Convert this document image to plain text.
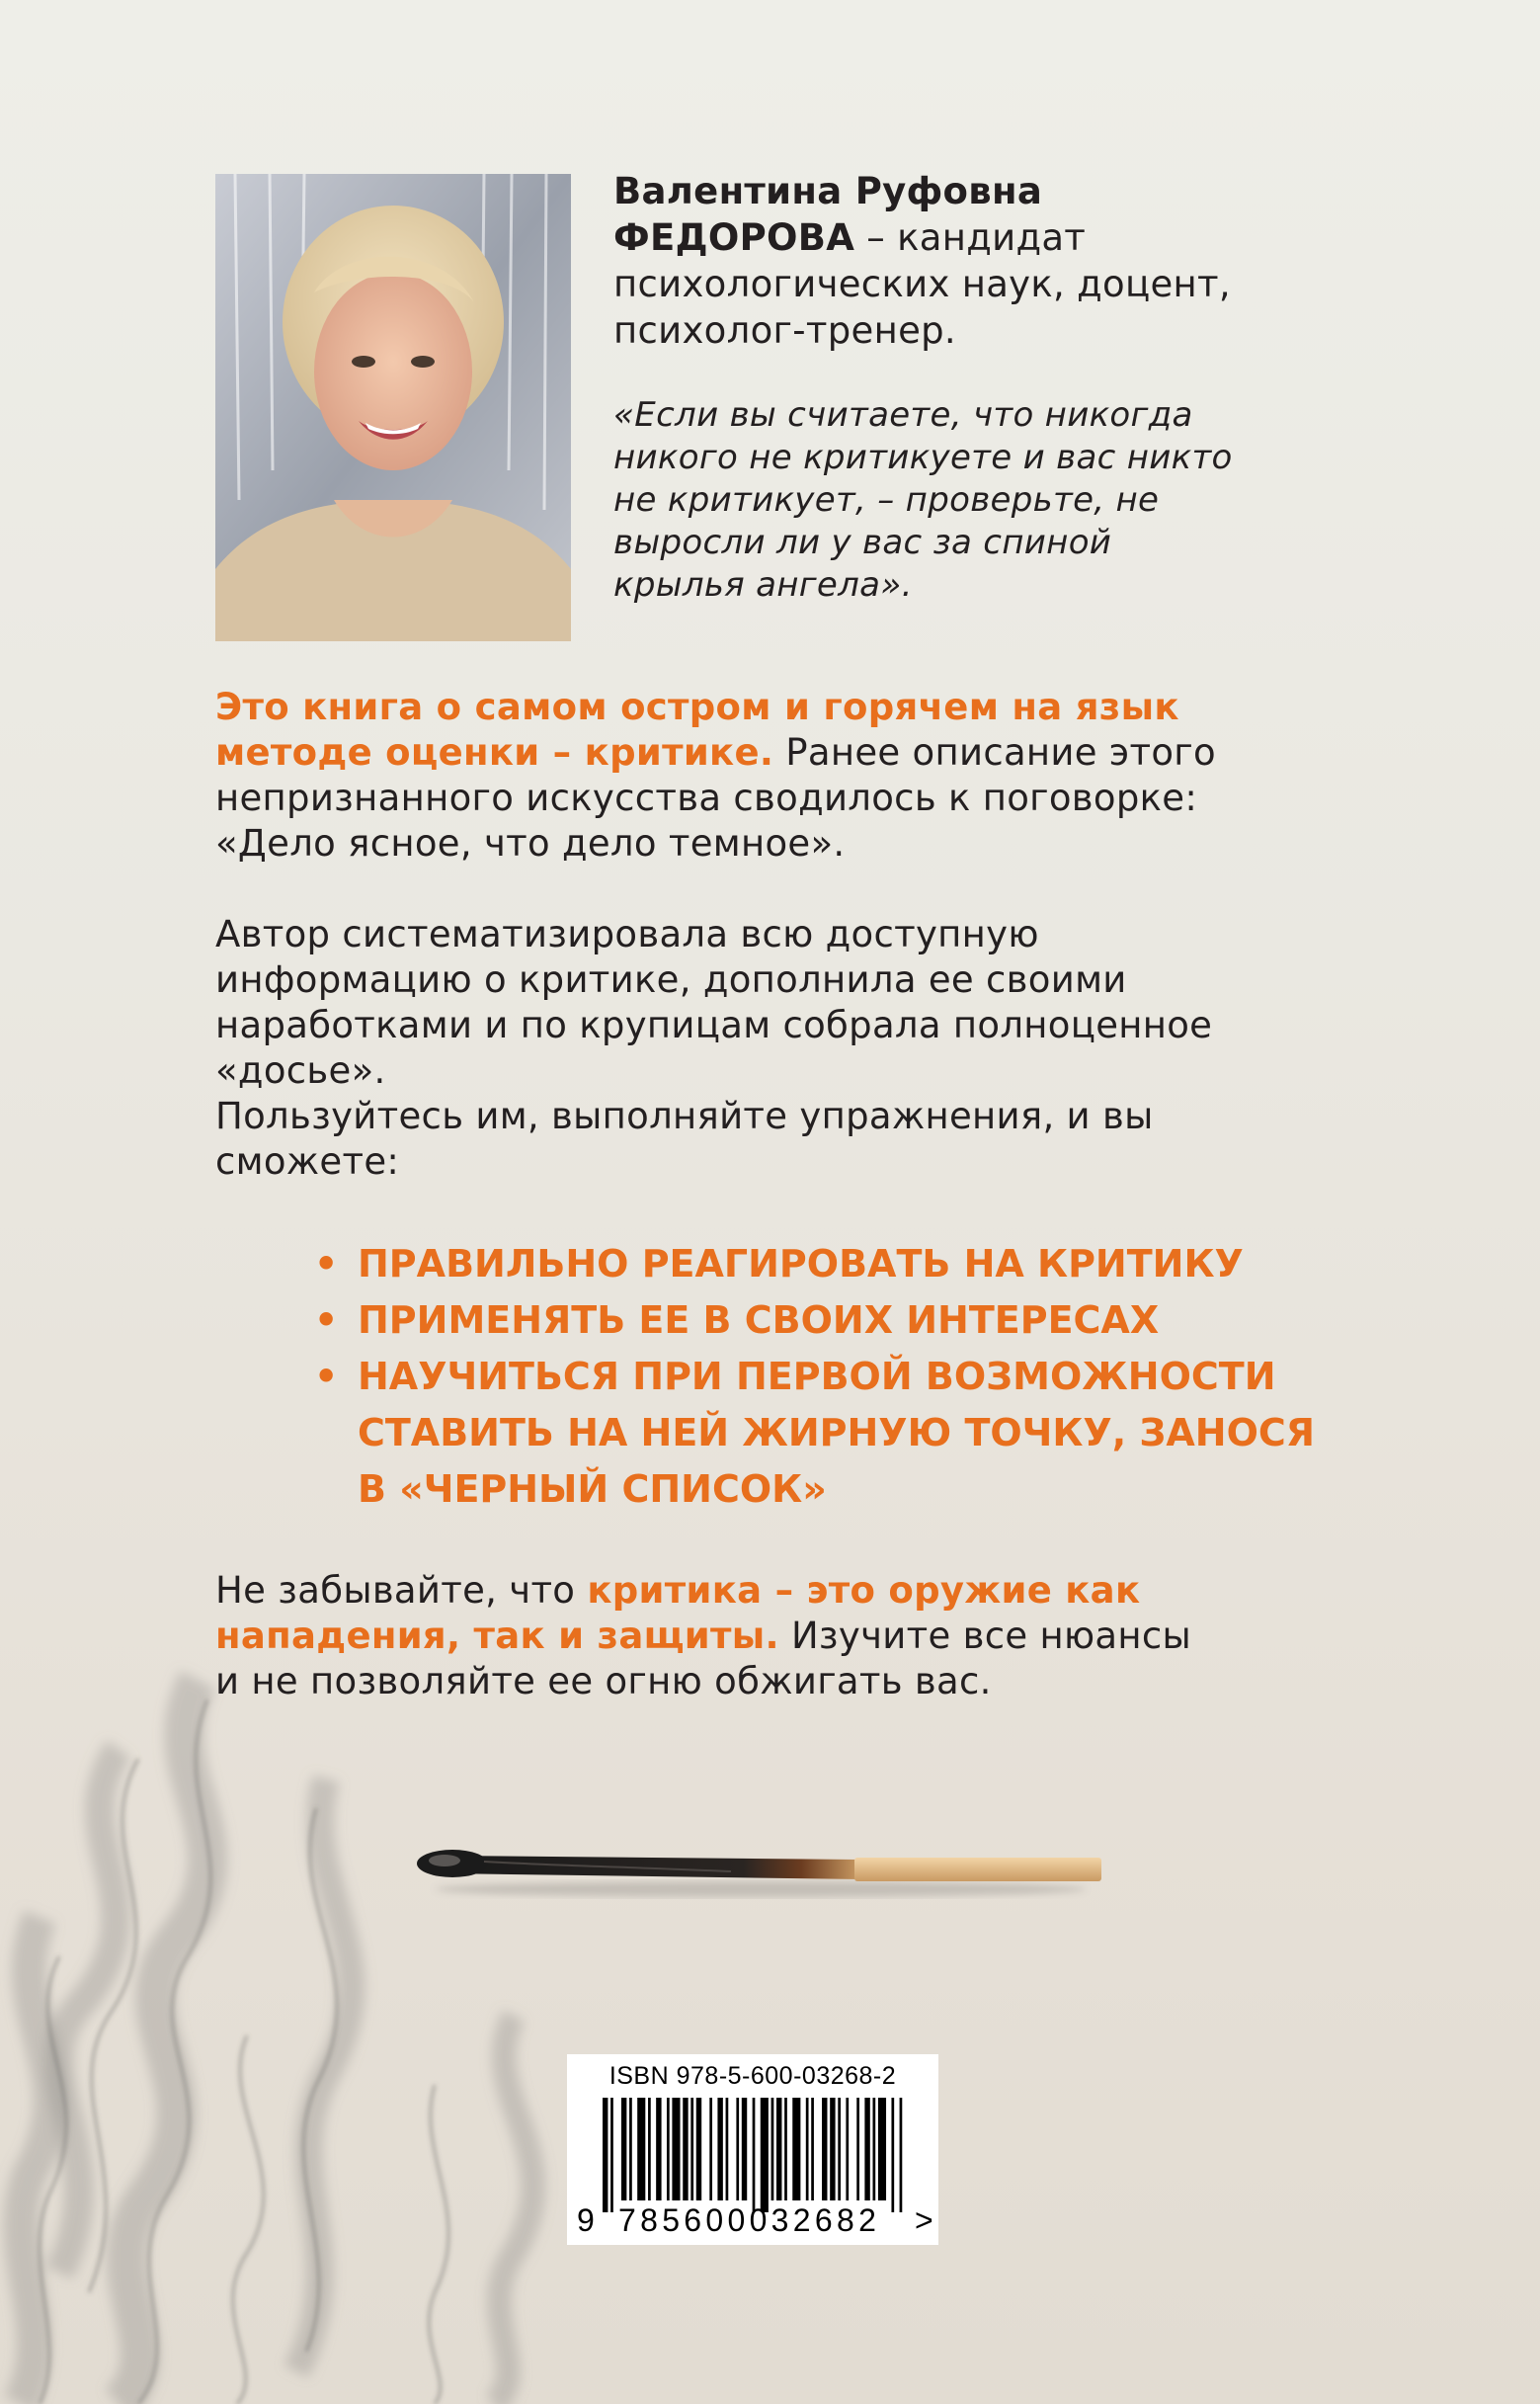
Валентина Руфовна
ФЕДОРОВА – кандидат
психологических наук, доцент,
психолог-тренер.
«Если вы считаете, что никогда
никого не критикуете и вас никто
не критикует, – проверьте, не
выросли ли у вас за спиной
крылья ангела».
Это книга о самом остром и горячем на язык
методе оценки – критике. Ранее описание этого
непризнанного искусства сводилось к поговорке:
«Дело ясное, что дело темное».
Автор систематизировала всю доступную
информацию о критике, дополнила ее своими
наработками и по крупицам собрала полноценное
«досье».
Пользуйтесь им, выполняйте упражнения, и вы
сможете:
• ПРАВИЛЬНО РЕАГИРОВАТЬ НА КРИТИКУ
• ПРИМЕНЯТЬ ЕЕ В СВОИХ ИНТЕРЕСАХ
• НАУЧИТЬСЯ ПРИ ПЕРВОЙ ВОЗМОЖНОСТИ
СТАВИТЬ НА НЕЙ ЖИРНУЮ ТОЧКУ, ЗАНОСЯ
В «ЧЕРНЫЙ СПИСОК»
Не забывайте, что критика – это оружие как
нападения, так и защиты. Изучите все нюансы
и не позволяйте ее огню обжигать вас.
ISBN 978-5-600-03268-2
9 785600032682	>
